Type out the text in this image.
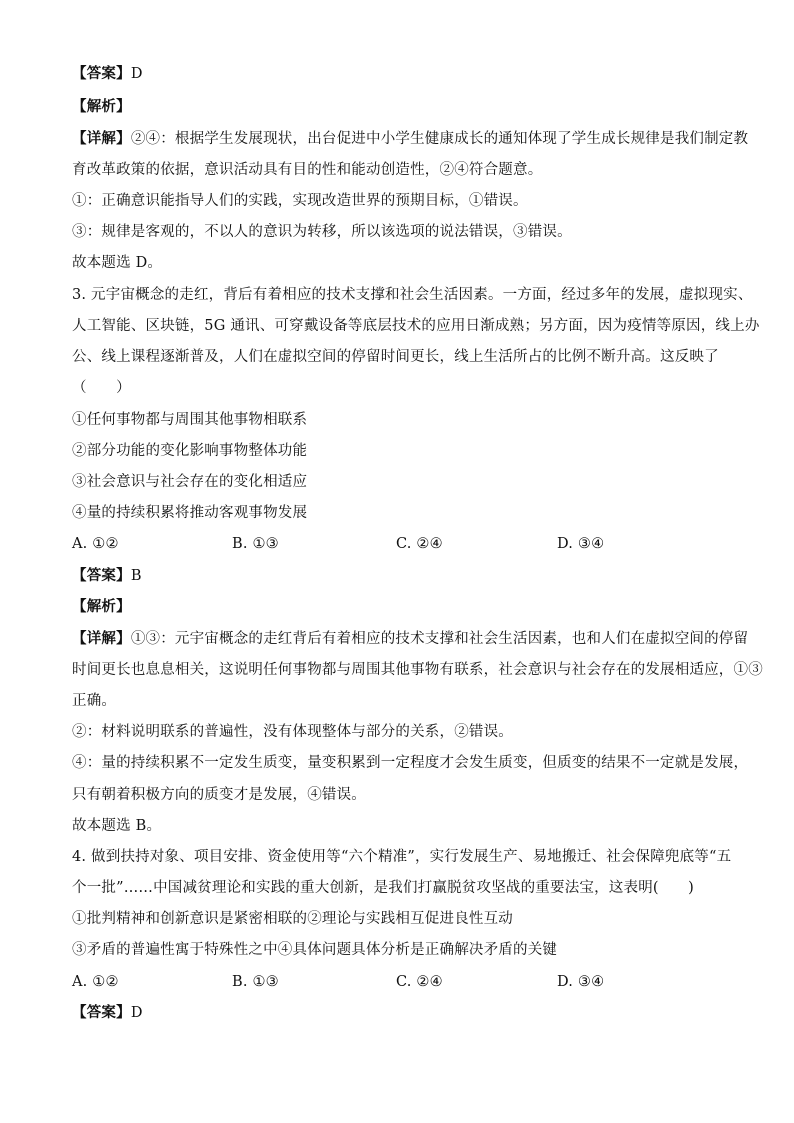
【答案】D
【解析】
【详解】②④：根据学生发展现状，出台促进中小学生健康成长的通知体现了学生成长规律是我们制定教
育改革政策的依据，意识活动具有目的性和能动创造性，②④符合题意。
①：正确意识能指导人们的实践，实现改造世界的预期目标，①错误。
③：规律是客观的，不以人的意识为转移，所以该选项的说法错误，③错误。
故本题选 D。
3. 元宇宙概念的走红，背后有着相应的技术支撑和社会生活因素。一方面，经过多年的发展，虚拟现实、
人工智能、区块链，5G 通讯、可穿戴设备等底层技术的应用日渐成熟；另方面，因为疫情等原因，线上办
公、线上课程逐渐普及，人们在虚拟空间的停留时间更长，线上生活所占的比例不断升高。这反映了
（　　）
①任何事物都与周围其他事物相联系
②部分功能的变化影响事物整体功能
③社会意识与社会存在的变化相适应
④量的持续积累将推动客观事物发展
A. ①②	B. ①③	C. ②④	D. ③④
【答案】B
【解析】
【详解】①③：元宇宙概念的走红背后有着相应的技术支撑和社会生活因素，也和人们在虚拟空间的停留
时间更长也息息相关，这说明任何事物都与周围其他事物有联系，社会意识与社会存在的发展相适应，①③
正确。
②：材料说明联系的普遍性，没有体现整体与部分的关系，②错误。
④：量的持续积累不一定发生质变，量变积累到一定程度才会发生质变，但质变的结果不一定就是发展，
只有朝着积极方向的质变才是发展，④错误。
故本题选 B。
4. 做到扶持对象、项目安排、资金使用等“六个精准”，实行发展生产、易地搬迁、社会保障兜底等“五
个一批”……中国减贫理论和实践的重大创新，是我们打赢脱贫攻坚战的重要法宝，这表明(　　)
①批判精神和创新意识是紧密相联的②理论与实践相互促进良性互动
③矛盾的普遍性寓于特殊性之中④具体问题具体分析是正确解决矛盾的关键
A. ①②	B. ①③	C. ②④	D. ③④
【答案】D
